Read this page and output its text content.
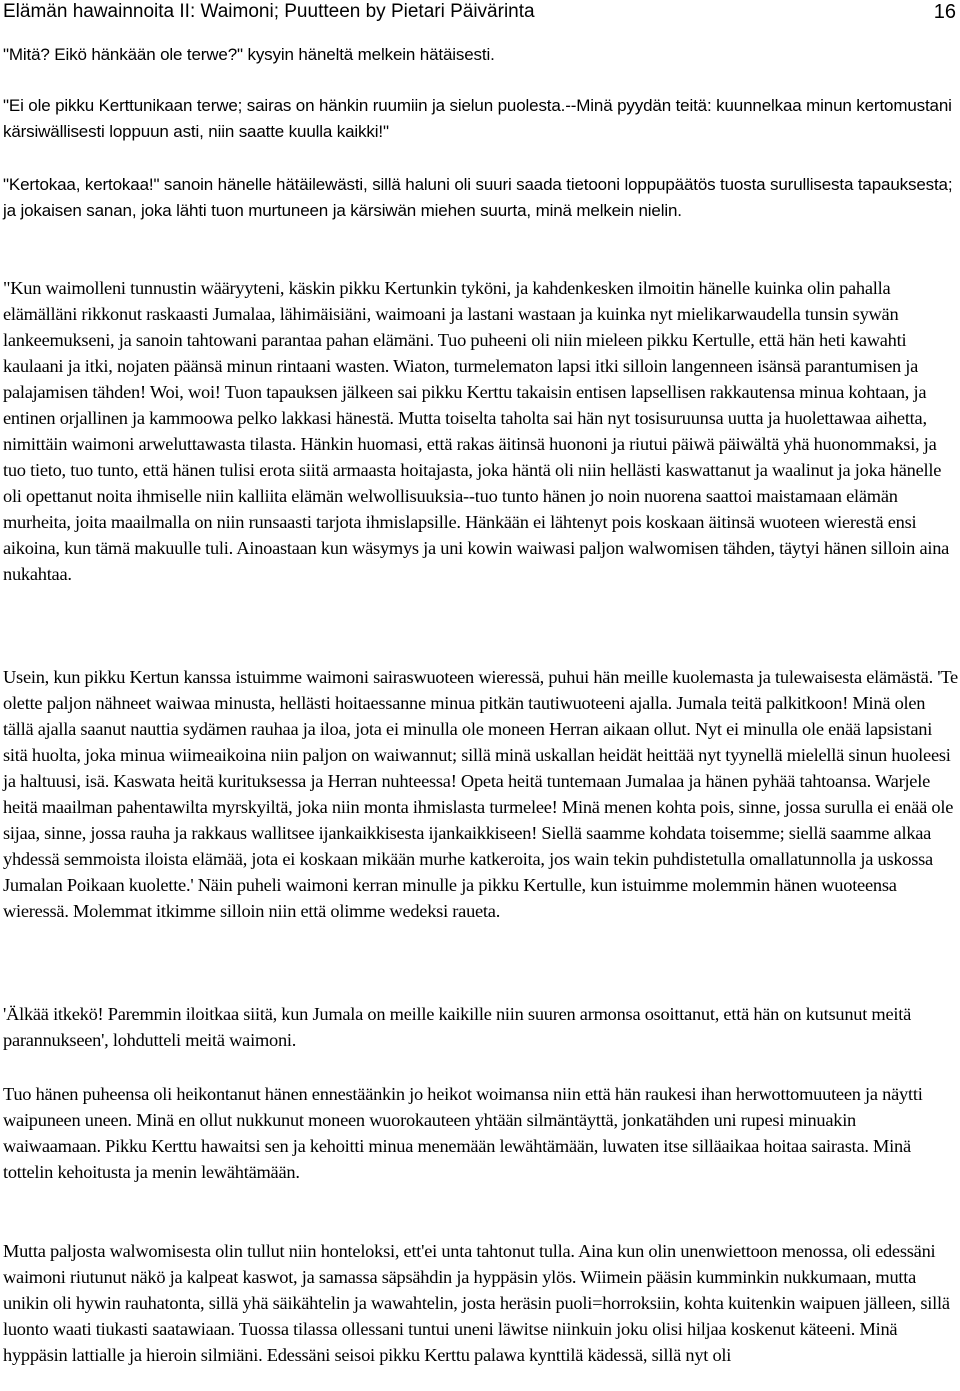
Elämän hawainnoita II: Waimoni; Puutteen by Pietari Päivärinta	16

"Mitä? Eikö hänkään ole terwe?" kysyin häneltä melkein hätäisesti.

"Ei ole pikku Kerttunikaan terwe; sairas on hänkin ruumiin ja sielun puolesta.--Minä pyydän teitä: kuunnelkaa minun kertomustani kärsiwällisesti loppuun asti, niin saatte kuulla kaikki!"

"Kertokaa, kertokaa!" sanoin hänelle hätäilewästi, sillä haluni oli suuri saada tietooni loppupäätös tuosta surullisesta tapauksesta; ja jokaisen sanan, joka lähti tuon murtuneen ja kärsiwän miehen suurta, minä melkein nielin.

"Kun waimolleni tunnustin wääryyteni, käskin pikku Kertunkin tyköni, ja kahdenkesken ilmoitin hänelle kuinka olin pahalla elämälläni rikkonut raskaasti Jumalaa, lähimäisiäni, waimoani ja lastani wastaan ja kuinka nyt mielikarwaudella tunsin sywän lankeemukseni, ja sanoin tahtowani parantaa pahan elämäni. Tuo puheeni oli niin mieleen pikku Kertulle, että hän heti kawahti kaulaani ja itki, nojaten päänsä minun rintaani wasten. Wiaton, turmelematon lapsi itki silloin langenneen isänsä parantumisen ja palajamisen tähden! Woi, woi! Tuon tapauksen jälkeen sai pikku Kerttu takaisin entisen lapsellisen rakkautensa minua kohtaan, ja entinen orjallinen ja kammoowa pelko lakkasi hänestä. Mutta toiselta taholta sai hän nyt tosisuruunsa uutta ja huolettawaa aihetta, nimittäin waimoni arweluttawasta tilasta. Hänkin huomasi, että rakas äitinsä huononi ja riutui päiwä päiwältä yhä huonommaksi, ja tuo tieto, tuo tunto, että hänen tulisi erota siitä armaasta hoitajasta, joka häntä oli niin hellästi kaswattanut ja waalinut ja joka hänelle oli opettanut noita ihmiselle niin kalliita elämän welwollisuuksia--tuo tunto hänen jo noin nuorena saattoi maistamaan elämän murheita, joita maailmalla on niin runsaasti tarjota ihmislapsille. Hänkään ei lähtenyt pois koskaan äitinsä wuoteen wierestä ensi aikoina, kun tämä makuulle tuli. Ainoastaan kun wäsymys ja uni kowin waiwasi paljon walwomisen tähden, täytyi hänen silloin aina nukahtaa.

Usein, kun pikku Kertun kanssa istuimme waimoni sairaswuoteen wieressä, puhui hän meille kuolemasta ja tulewaisesta elämästä. 'Te olette paljon nähneet waiwaa minusta, hellästi hoitaessanne minua pitkän tautiwuoteeni ajalla. Jumala teitä palkitkoon! Minä olen tällä ajalla saanut nauttia sydämen rauhaa ja iloa, jota ei minulla ole moneen Herran aikaan ollut. Nyt ei minulla ole enää lapsistani sitä huolta, joka minua wiimeaikoina niin paljon on waiwannut; sillä minä uskallan heidät heittää nyt tyynellä mielellä sinun huoleesi ja haltuusi, isä. Kaswata heitä kurituksessa ja Herran nuhteessa! Opeta heitä tuntemaan Jumalaa ja hänen pyhää tahtoansa. Warjele heitä maailman pahentawilta myrskyiltä, joka niin monta ihmislasta turmelee! Minä menen kohta pois, sinne, jossa surulla ei enää ole sijaa, sinne, jossa rauha ja rakkaus wallitsee ijankaikkisesta ijankaikkiseen! Siellä saamme kohdata toisemme; siellä saamme alkaa yhdessä semmoista iloista elämää, jota ei koskaan mikään murhe katkeroita, jos wain tekin puhdistetulla omallatunnolla ja uskossa Jumalan Poikaan kuolette.' Näin puheli waimoni kerran minulle ja pikku Kertulle, kun istuimme molemmin hänen wuoteensa wieressä. Molemmat itkimme silloin niin että olimme wedeksi raueta.

'Älkää itkekö! Paremmin iloitkaa siitä, kun Jumala on meille kaikille niin suuren armonsa osoittanut, että hän on kutsunut meitä parannukseen', lohdutteli meitä waimoni.

Tuo hänen puheensa oli heikontanut hänen ennestäänkin jo heikot woimansa niin että hän raukesi ihan herwottomuuteen ja näytti waipuneen uneen. Minä en ollut nukkunut moneen wuorokauteen yhtään silmäntäyttä, jonkatähden uni rupesi minuakin waiwaamaan. Pikku Kerttu hawaitsi sen ja kehoitti minua menemään lewähtämään, luwaten itse silläaikaa hoitaa sairasta. Minä tottelin kehoitusta ja menin lewähtämään.

Mutta paljosta walwomisesta olin tullut niin honteloksi, ett'ei unta tahtonut tulla. Aina kun olin unenwiettoon menossa, oli edessäni waimoni riutunut näkö ja kalpeat kaswot, ja samassa säpsähdin ja hyppäsin ylös. Wiimein pääsin kumminkin nukkumaan, mutta unikin oli hywin rauhatonta, sillä yhä säikähtelin ja wawahtelin, josta heräsin puoli=horroksiin, kohta kuitenkin waipuen jälleen, sillä luonto waati tiukasti saatawiaan. Tuossa tilassa ollessani tuntui uneni läwitse niinkuin joku olisi hiljaa koskenut käteeni. Minä hyppäsin lattialle ja hieroin silmiäni. Edessäni seisoi pikku Kerttu palawa kynttilä kädessä, sillä nyt oli
